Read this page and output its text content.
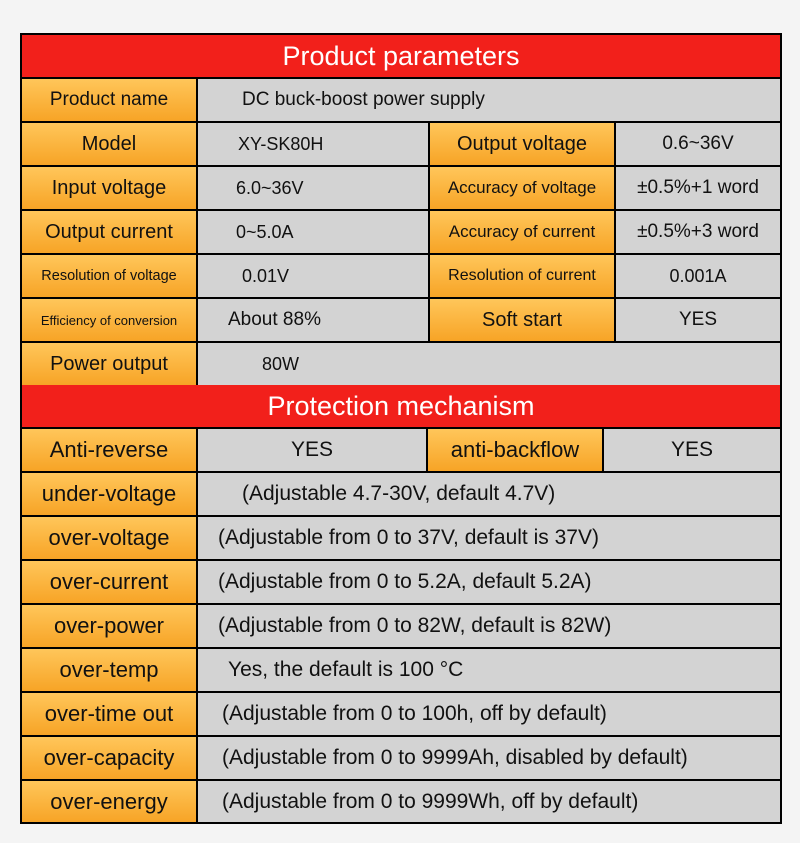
Product parameters
Product name	DC buck-boost power supply
Model	XY-SK80H	Output voltage	0.6~36V
Input voltage	6.0~36V	Accuracy of voltage	±0.5%+1 word
Output current	0~5.0A	Accuracy of current	±0.5%+3 word
Resolution of voltage	0.01V	Resolution of current	0.001A
Efficiency of conversion	About 88%	Soft start	YES
Power output	80W
Protection mechanism
Anti-reverse	YES	anti-backflow	YES
under-voltage	(Adjustable 4.7-30V, default 4.7V)
over-voltage	(Adjustable from 0 to 37V, default is 37V)
over-current	(Adjustable from 0 to 5.2A, default 5.2A)
over-power	(Adjustable from 0 to 82W, default is 82W)
over-temp	Yes, the default is 100 °C
over-time out	(Adjustable from 0 to 100h, off by default)
over-capacity	(Adjustable from 0 to 9999Ah, disabled by default)
over-energy	(Adjustable from 0 to 9999Wh, off by default)
